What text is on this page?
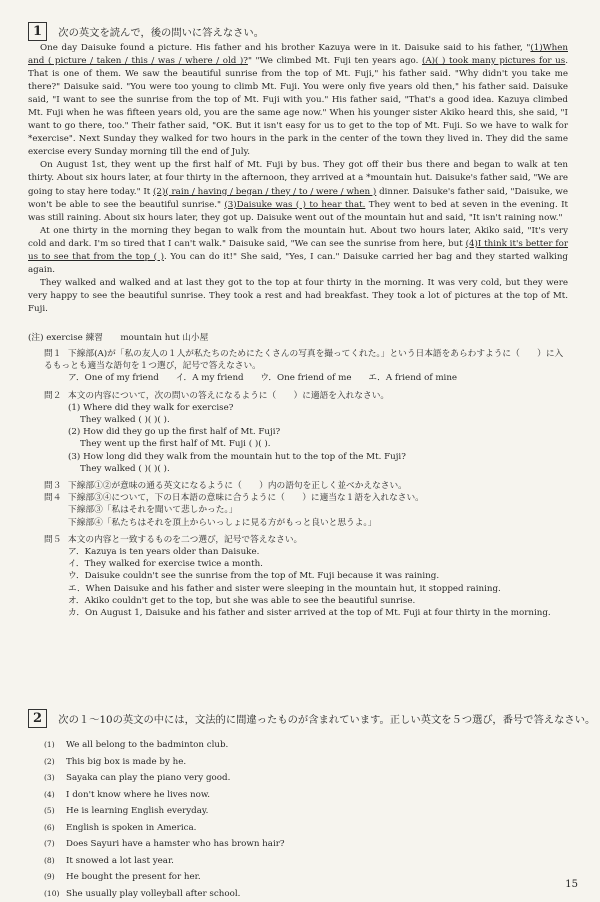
1 次の英文を読んで，後の問いに答えなさい。

One day Daisuke found a picture. His father and his brother Kazuya were in it. Daisuke said to his father, "(1)When and ( picture / taken / this / was / where / old )?" "We climbed Mt. Fuji ten years ago. (A)( ) took many pictures for us. That is one of them. We saw the beautiful sunrise from the top of Mt. Fuji," his father said. "Why didn't you take me there?" Daisuke said. "You were too young to climb Mt. Fuji. You were only five years old then," his father said. Daisuke said, "I want to see the sunrise from the top of Mt. Fuji with you." His father said, "That's a good idea. Kazuya climbed Mt. Fuji when he was fifteen years old, you are the same age now." When his younger sister Akiko heard this, she said, "I want to go there, too." Their father said, "OK. But it isn't easy for us to get to the top of Mt. Fuji. So we have to walk for *exercise". Next Sunday they walked for two hours in the park in the center of the town they lived in. They did the same exercise every Sunday morning till the end of July.

On August 1st, they went up the first half of Mt. Fuji by bus. They got off their bus there and began to walk at ten thirty. About six hours later, at four thirty in the afternoon, they arrived at a *mountain hut. Daisuke's father said, "We are going to stay here today." It (2)( rain / having / began / they / to / were / when ) dinner. Daisuke's father said, "Daisuke, we won't be able to see the beautiful sunrise." (3)Daisuke was ( ) to hear that. They went to bed at seven in the evening. It was still raining. About six hours later, they got up. Daisuke went out of the mountain hut and said, "It isn't raining now."

At one thirty in the morning they began to walk from the mountain hut. About two hours later, Akiko said, "It's very cold and dark. I'm so tired that I can't walk." Daisuke said, "We can see the sunrise from here, but (4)I think it's better for us to see that from the top ( ). You can do it!" She said, "Yes, I can." Daisuke carried her bag and they started walking again.

They walked and walked and at last they got to the top at four thirty in the morning. It was very cold, but they were very happy to see the beautiful sunrise. They took a rest and had breakfast. They took a lot of pictures at the top of Mt. Fuji.

(注) exercise 練習　　mountain hut 山小屋
問１ 下線部(A)が「私の友人の１人が私たちのためにたくさんの写真を撮ってくれた。」という日本語をあらわすように（　　）に入るもっとも適当な語句を１つ選び，記号で答えなさい。
ア．One of my friend イ．A my friend ウ．One friend of me エ．A friend of mine
問２ 本文の内容について，次の問いの答えになるように（　　）に適語を入れなさい。
(1) Where did they walk for exercise?
They walked ( )( )( ).
(2) How did they go up the first half of Mt. Fuji?
They went up the first half of Mt. Fuji ( )( ).
(3) How long did they walk from the mountain hut to the top of the Mt. Fuji?
They walked ( )( )( ).
問３ 下線部①②が意味の通る英文になるように（　　）内の語句を正しく並べかえなさい。
問４ 下線部③④について，下の日本語の意味に合うように（　　）に適当な１語を入れなさい。
下線部③「私はそれを聞いて悲しかった。」
下線部④「私たちはそれを頂上からいっしょに見る方がもっと良いと思うよ。」
問５ 本文の内容と一致するものを二つ選び，記号で答えなさい。
ア．Kazuya is ten years older than Daisuke.
イ．They walked for exercise twice a month.
ウ．Daisuke couldn't see the sunrise from the top of Mt. Fuji because it was raining.
エ．When Daisuke and his father and sister were sleeping in the mountain hut, it stopped raining.
オ．Akiko couldn't get to the top, but she was able to see the beautiful sunrise.
カ．On August 1, Daisuke and his father and sister arrived at the top of Mt. Fuji at four thirty in the morning.
2 次の１～10の英文の中には，文法的に間違ったものが含まれています。正しい英文を５つ選び，番号で答えなさい。
(1) We all belong to the badminton club.
(2) This big box is made by he.
(3) Sayaka can play the piano very good.
(4) I don't know where he lives now.
(5) He is learning English everyday.
(6) English is spoken in America.
(7) Does Sayuri have a hamster who has brown hair?
(8) It snowed a lot last year.
(9) He bought the present for her.
(10) She usually play volleyball after school.
15
